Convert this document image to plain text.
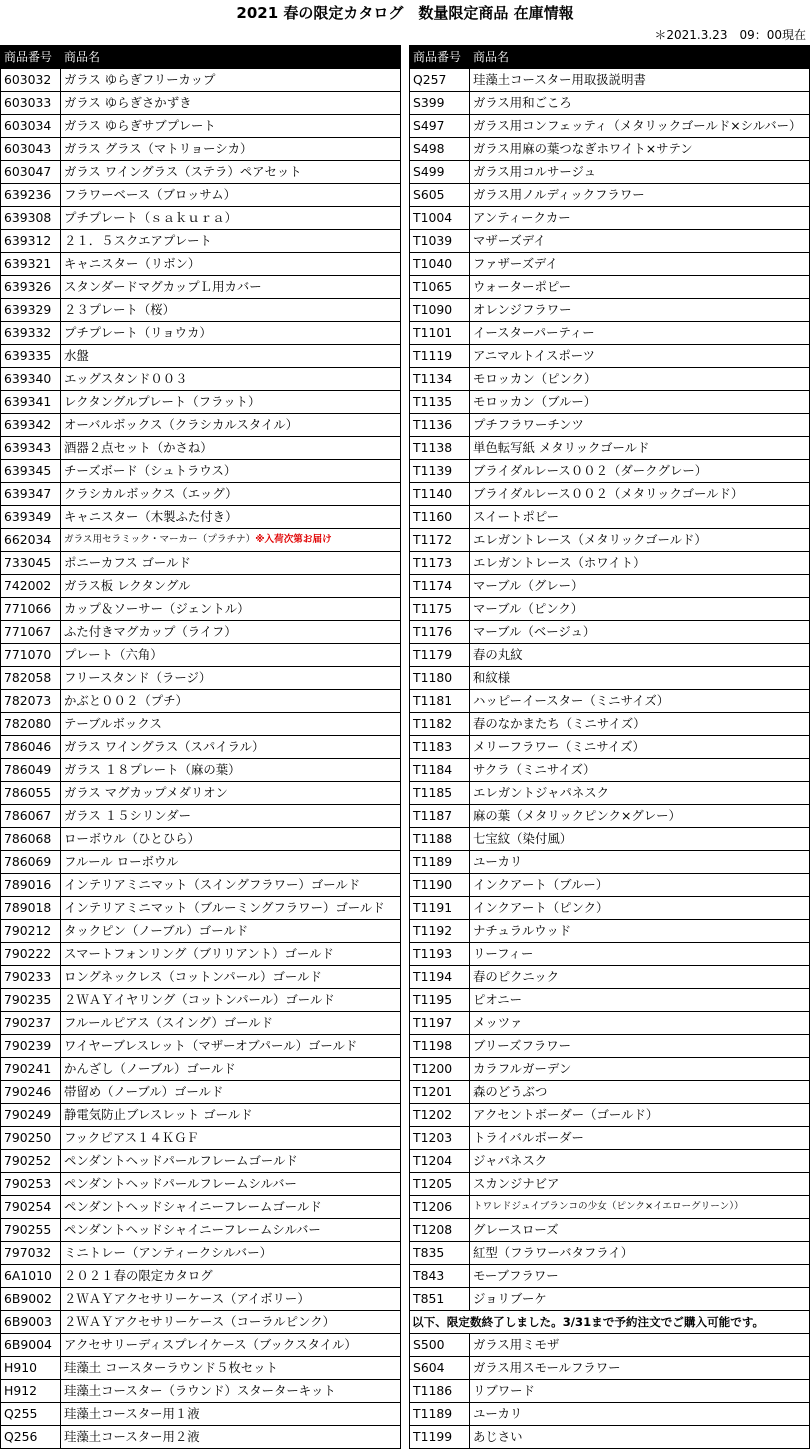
2021 春の限定カタログ　数量限定商品 在庫情報
＊2021.3.23　09：00現在
商品番号	商品名
603032	ガラス ゆらぎフリーカップ
603033	ガラス ゆらぎさかずき
603034	ガラス ゆらぎサブプレート
603043	ガラス グラス（マトリョーシカ）
603047	ガラス ワイングラス（ステラ）ペアセット
639236	フラワーベース（ブロッサム）
639308	プチプレート（ｓａｋｕｒａ）
639312	２１．５スクエアプレート
639321	キャニスター（リボン）
639326	スタンダードマグカップＬ用カバー
639329	２３プレート（桜）
639332	プチプレート（リョウカ）
639335	水盤
639340	エッグスタンド００３
639341	レクタングルプレート（フラット）
639342	オーバルボックス（クラシカルスタイル）
639343	酒器２点セット（かさね）
639345	チーズボード（シュトラウス）
639347	クラシカルボックス（エッグ）
639349	キャニスター（木製ふた付き）
662034	ガラス用セラミック・マーカー（プラチナ）※入荷次第お届け
733045	ポニーカフス ゴールド
742002	ガラス板 レクタングル
771066	カップ＆ソーサー（ジェントル）
771067	ふた付きマグカップ（ライフ）
771070	プレート（六角）
782058	フリースタンド（ラージ）
782073	かぶと００２（プチ）
782080	テーブルボックス
786046	ガラス ワイングラス（スパイラル）
786049	ガラス １８プレート（麻の葉）
786055	ガラス マグカップメダリオン
786067	ガラス １５シリンダー
786068	ローボウル（ひとひら）
786069	フルール ローボウル
789016	インテリアミニマット（スイングフラワー）ゴールド
789018	インテリアミニマット（ブルーミングフラワー）ゴールド
790212	タックピン（ノーブル）ゴールド
790222	スマートフォンリング（ブリリアント）ゴールド
790233	ロングネックレス（コットンパール）ゴールド
790235	２ＷＡＹイヤリング（コットンパール）ゴールド
790237	フルールピアス（スイング）ゴールド
790239	ワイヤーブレスレット（マザーオブパール）ゴールド
790241	かんざし（ノーブル）ゴールド
790246	帯留め（ノーブル）ゴールド
790249	静電気防止ブレスレット ゴールド
790250	フックピアス１４ＫＧＦ
790252	ペンダントヘッドパールフレームゴールド
790253	ペンダントヘッドパールフレームシルバー
790254	ペンダントヘッドシャイニーフレームゴールド
790255	ペンダントヘッドシャイニーフレームシルバー
797032	ミニトレー（アンティークシルバー）
6A1010	２０２１春の限定カタログ
6B9002	２ＷＡＹアクセサリーケース（アイボリー）
6B9003	２ＷＡＹアクセサリーケース（コーラルピンク）
6B9004	アクセサリーディスプレイケース（ブックスタイル）
H910	珪藻土 コースターラウンド５枚セット
H912	珪藻土コースター（ラウンド）スターターキット
Q255	珪藻土コースター用１液
Q256	珪藻土コースター用２液
商品番号	商品名
Q257	珪藻土コースター用取扱説明書
S399	ガラス用和ごころ
S497	ガラス用コンフェッティ（メタリックゴールド×シルバー）
S498	ガラス用麻の葉つなぎホワイト×サテン
S499	ガラス用コルサージュ
S605	ガラス用ノルディックフラワー
T1004	アンティークカー
T1039	マザーズデイ
T1040	ファザーズデイ
T1065	ウォーターポピー
T1090	オレンジフラワー
T1101	イースターパーティー
T1119	アニマルトイスポーツ
T1134	モロッカン（ピンク）
T1135	モロッカン（ブルー）
T1136	プチフラワーチンツ
T1138	単色転写紙 メタリックゴールド
T1139	ブライダルレース００２（ダークグレー）
T1140	ブライダルレース００２（メタリックゴールド）
T1160	スイートポピー
T1172	エレガントレース（メタリックゴールド）
T1173	エレガントレース（ホワイト）
T1174	マーブル（グレー）
T1175	マーブル（ピンク）
T1176	マーブル（ベージュ）
T1179	春の丸紋
T1180	和紋様
T1181	ハッピーイースター（ミニサイズ）
T1182	春のなかまたち（ミニサイズ）
T1183	メリーフラワー（ミニサイズ）
T1184	サクラ（ミニサイズ）
T1185	エレガントジャパネスク
T1187	麻の葉（メタリックピンク×グレー）
T1188	七宝紋（染付風）
T1189	ユーカリ
T1190	インクアート（ブルー）
T1191	インクアート（ピンク）
T1192	ナチュラルウッド
T1193	リーフィー
T1194	春のピクニック
T1195	ピオニー
T1197	メッツァ
T1198	ブリーズフラワー
T1200	カラフルガーデン
T1201	森のどうぶつ
T1202	アクセントボーダー（ゴールド）
T1203	トライバルボーダー
T1204	ジャパネスク
T1205	スカンジナビア
T1206	トワレドジュイブランコの少女（ピンク×イエローグリーン））
T1208	グレースローズ
T835	紅型（フラワーバタフライ）
T843	モーブフラワー
T851	ジョリブーケ
以下、限定数終了しました。3/31まで予約注文でご購入可能です。	
S500	ガラス用ミモザ
S604	ガラス用スモールフラワー
T1186	リブワード
T1189	ユーカリ
T1199	あじさい
